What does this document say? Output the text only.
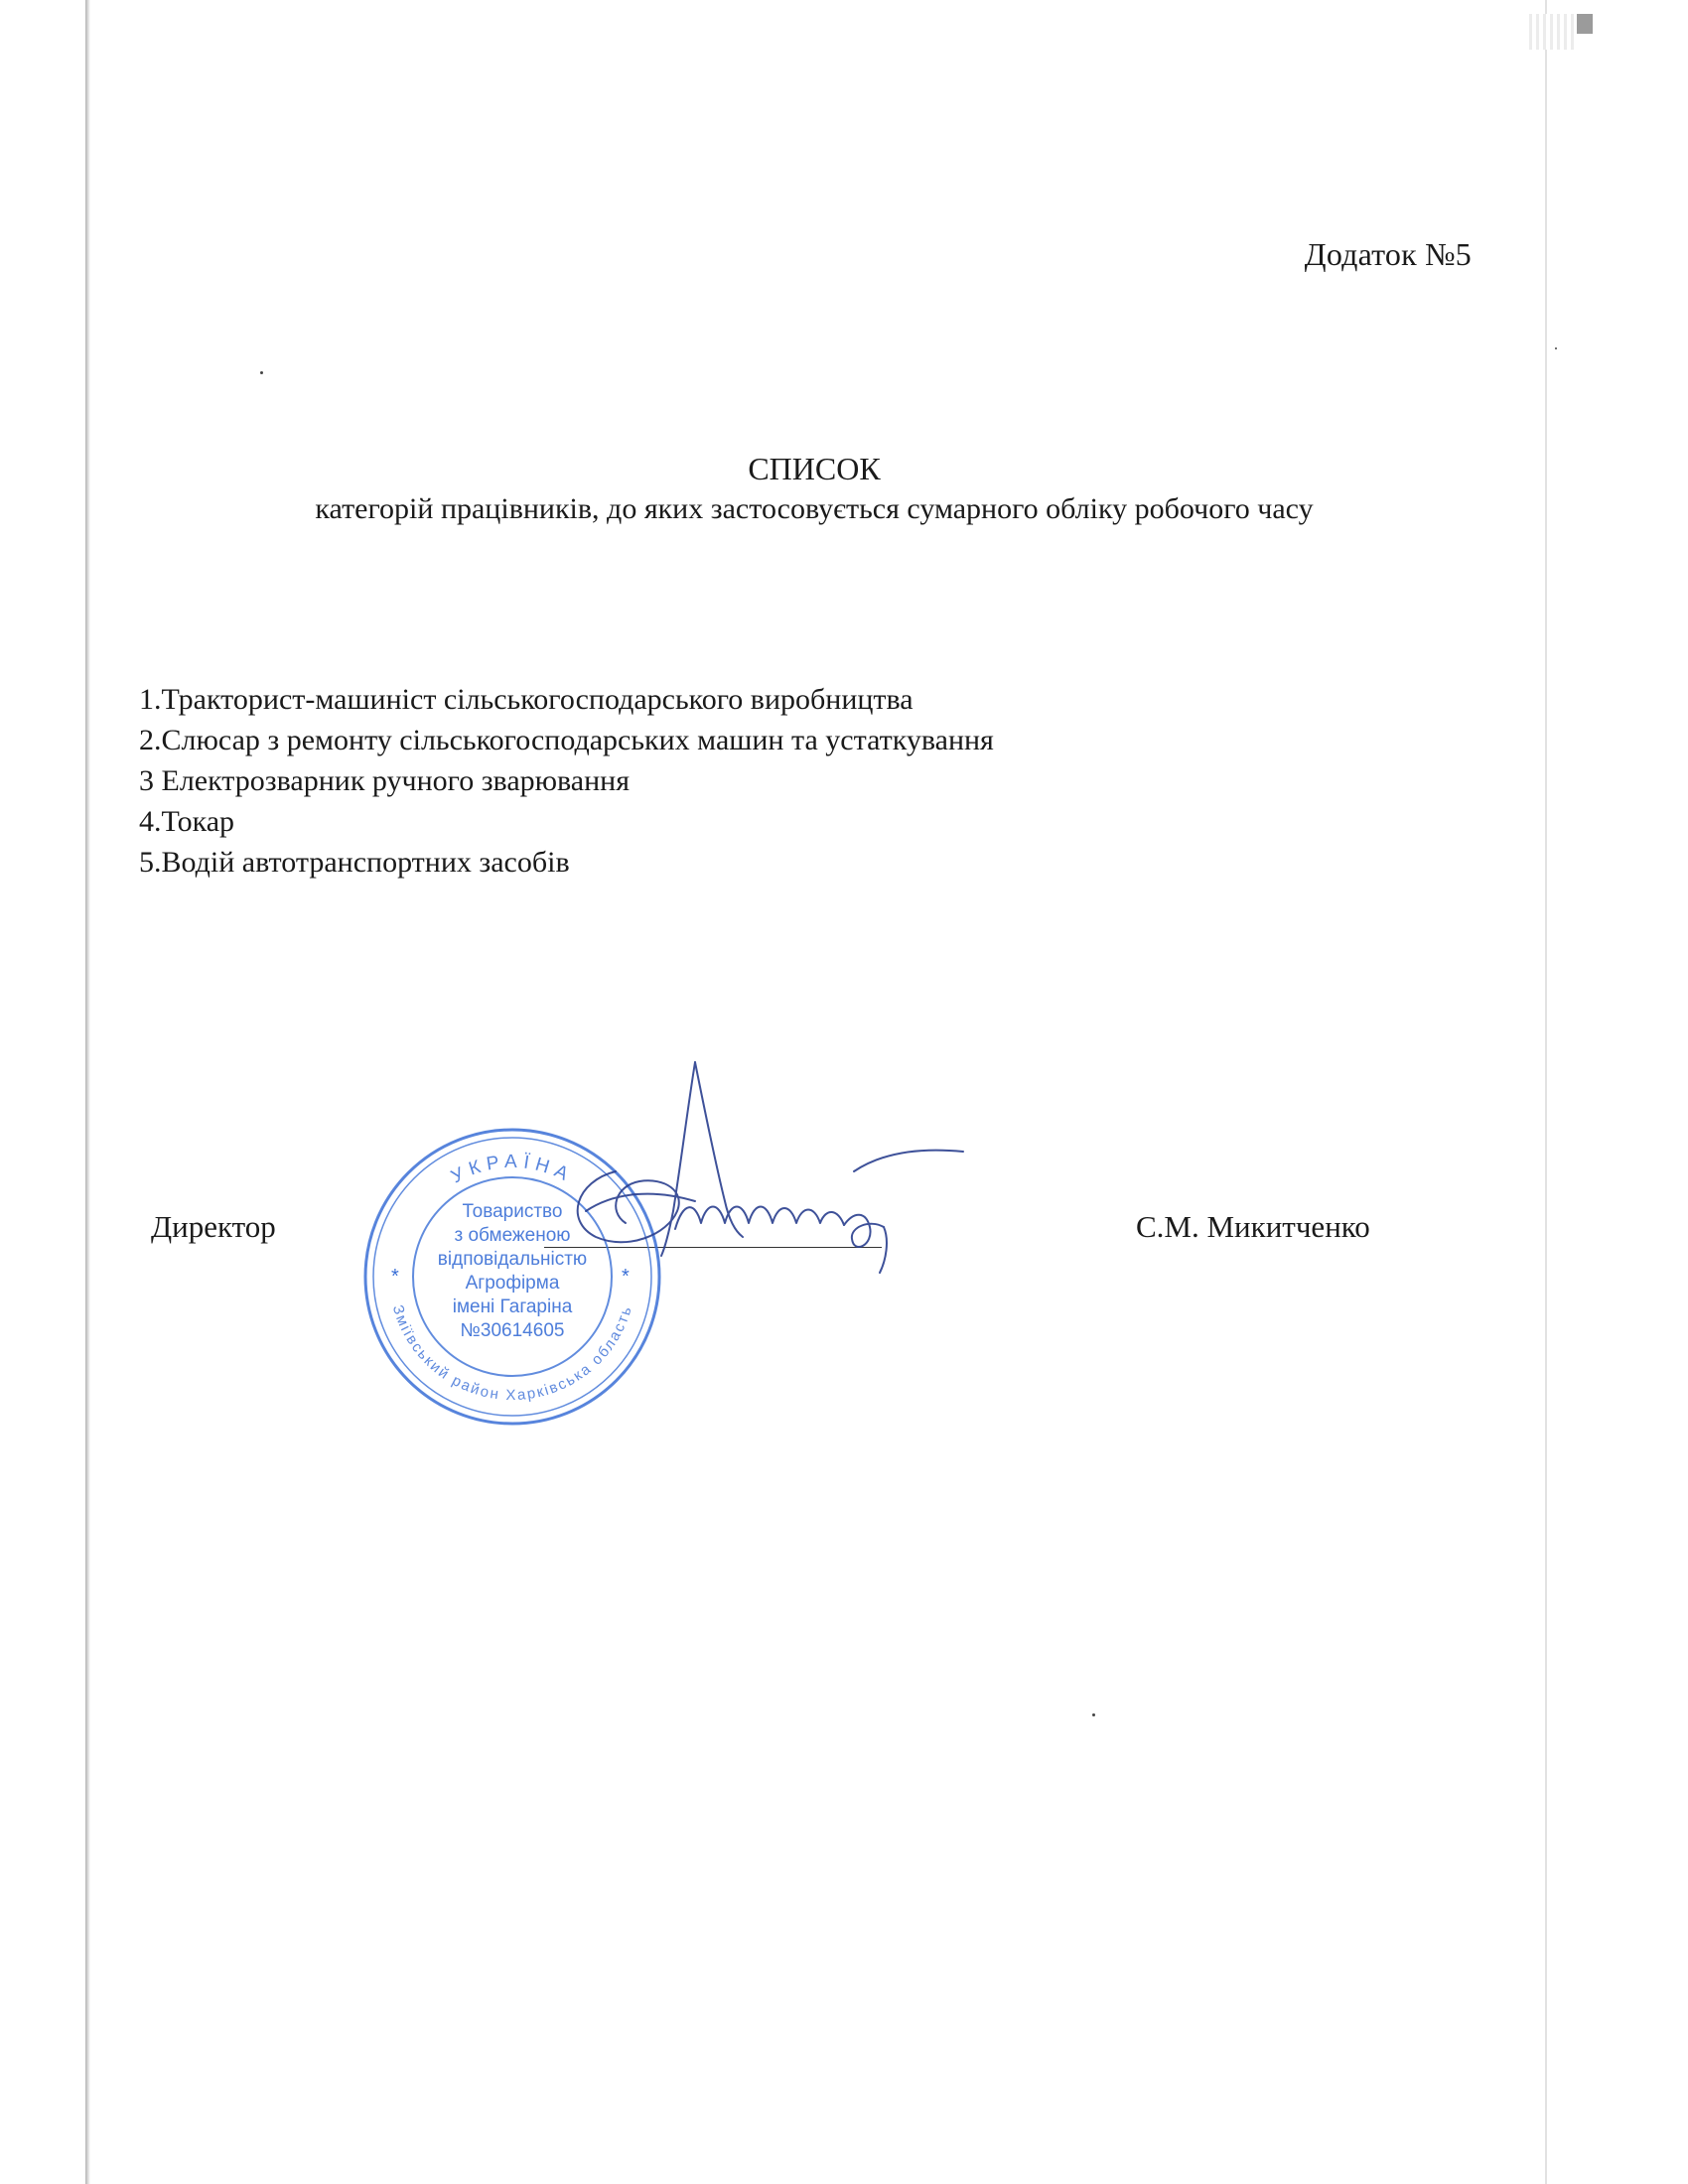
Додаток №5
СПИСОК
категорій працівників, до яких застосовується сумарного обліку робочого часу
1.Тракторист-машиніст сільськогосподарського виробництва
2.Слюсар з ремонту сільськогосподарських машин та устаткування
3 Електрозварник ручного зварювання
4.Токар
5.Водій автотранспортних засобів
Директор	С.М. Микитченко
УКРАЇНА
Зміївський район Харківська область
*	*
Товариство
з обмеженою
відповідальністю
Агрофірма
імені Гагаріна
№30614605
